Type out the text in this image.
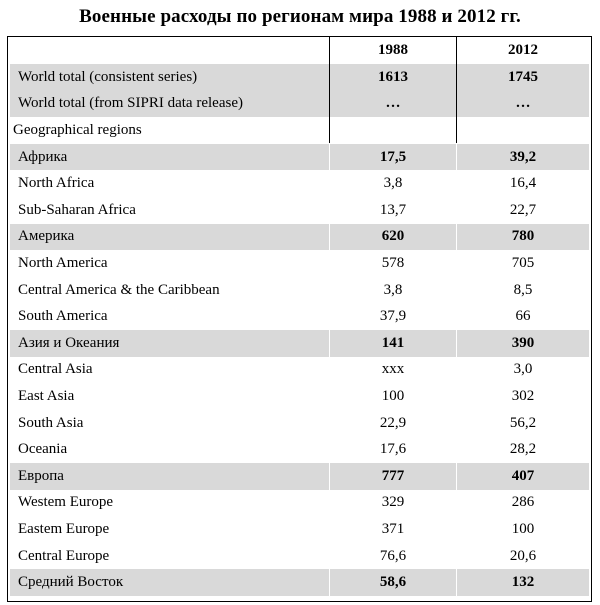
Военные расходы по регионам мира 1988 и 2012 гг.
1988	2012
World total (consistent series)	1613	1745
World total (from SIPRI data release)	…	…
Geographical regions
Африка	17,5	39,2
North Africa	3,8	16,4
Sub-Saharan Africa	13,7	22,7
Америка	620	780
North America	578	705
Central America & the Caribbean	3,8	8,5
South America	37,9	66
Азия и Океания	141	390
Central Asia	xxx	3,0
East Asia	100	302
South Asia	22,9	56,2
Oceania	17,6	28,2
Европа	777	407
Westem Europe	329	286
Eastem Europe	371	100
Central Europe	76,6	20,6
Средний Восток	58,6	132
